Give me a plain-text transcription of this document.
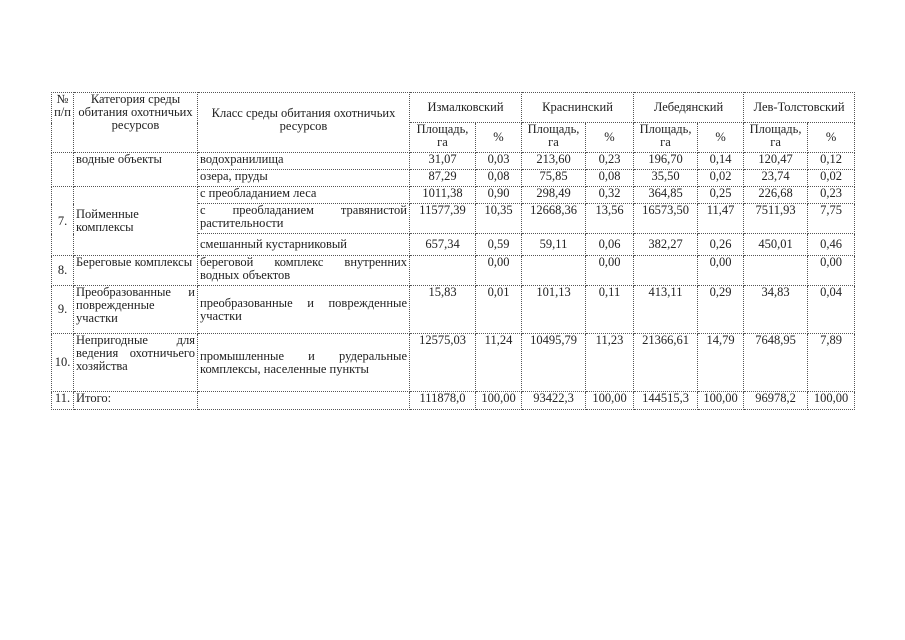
№ п/п	Категория среды обитания охотничьих ресурсов	Класс среды обитания охотничьих ресурсов	Измалковский		Краснинский		Лебедянский		Лев-Толстовский	
			Площадь, га	%	Площадь, га	%	Площадь, га	%	Площадь, га	%
	водные объекты	водохранилища	31,07	0,03	213,60	0,23	196,70	0,14	120,47	0,12
		озера, пруды	87,29	0,08	75,85	0,08	35,50	0,02	23,74	0,02
7.	Пойменные комплексы	с преобладанием леса	1011,38	0,90	298,49	0,32	364,85	0,25	226,68	0,23
		с преобладанием травянистой растительности	11577,39	10,35	12668,36	13,56	16573,50	11,47	7511,93	7,75
		смешанный кустарниковый	657,34	0,59	59,11	0,06	382,27	0,26	450,01	0,46
8.	Береговые комплексы	береговой комплекс внутренних водных объектов		0,00		0,00		0,00		0,00
9.	Преобразованные и поврежденные участки	преобразованные и поврежденные участки	15,83	0,01	101,13	0,11	413,11	0,29	34,83	0,04
10.	Непригодные для ведения охотничьего хозяйства	промышленные и рудеральные комплексы, населенные пункты	12575,03	11,24	10495,79	11,23	21366,61	14,79	7648,95	7,89
11.	Итого:		111878,0	100,00	93422,3	100,00	144515,3	100,00	96978,2	100,00
